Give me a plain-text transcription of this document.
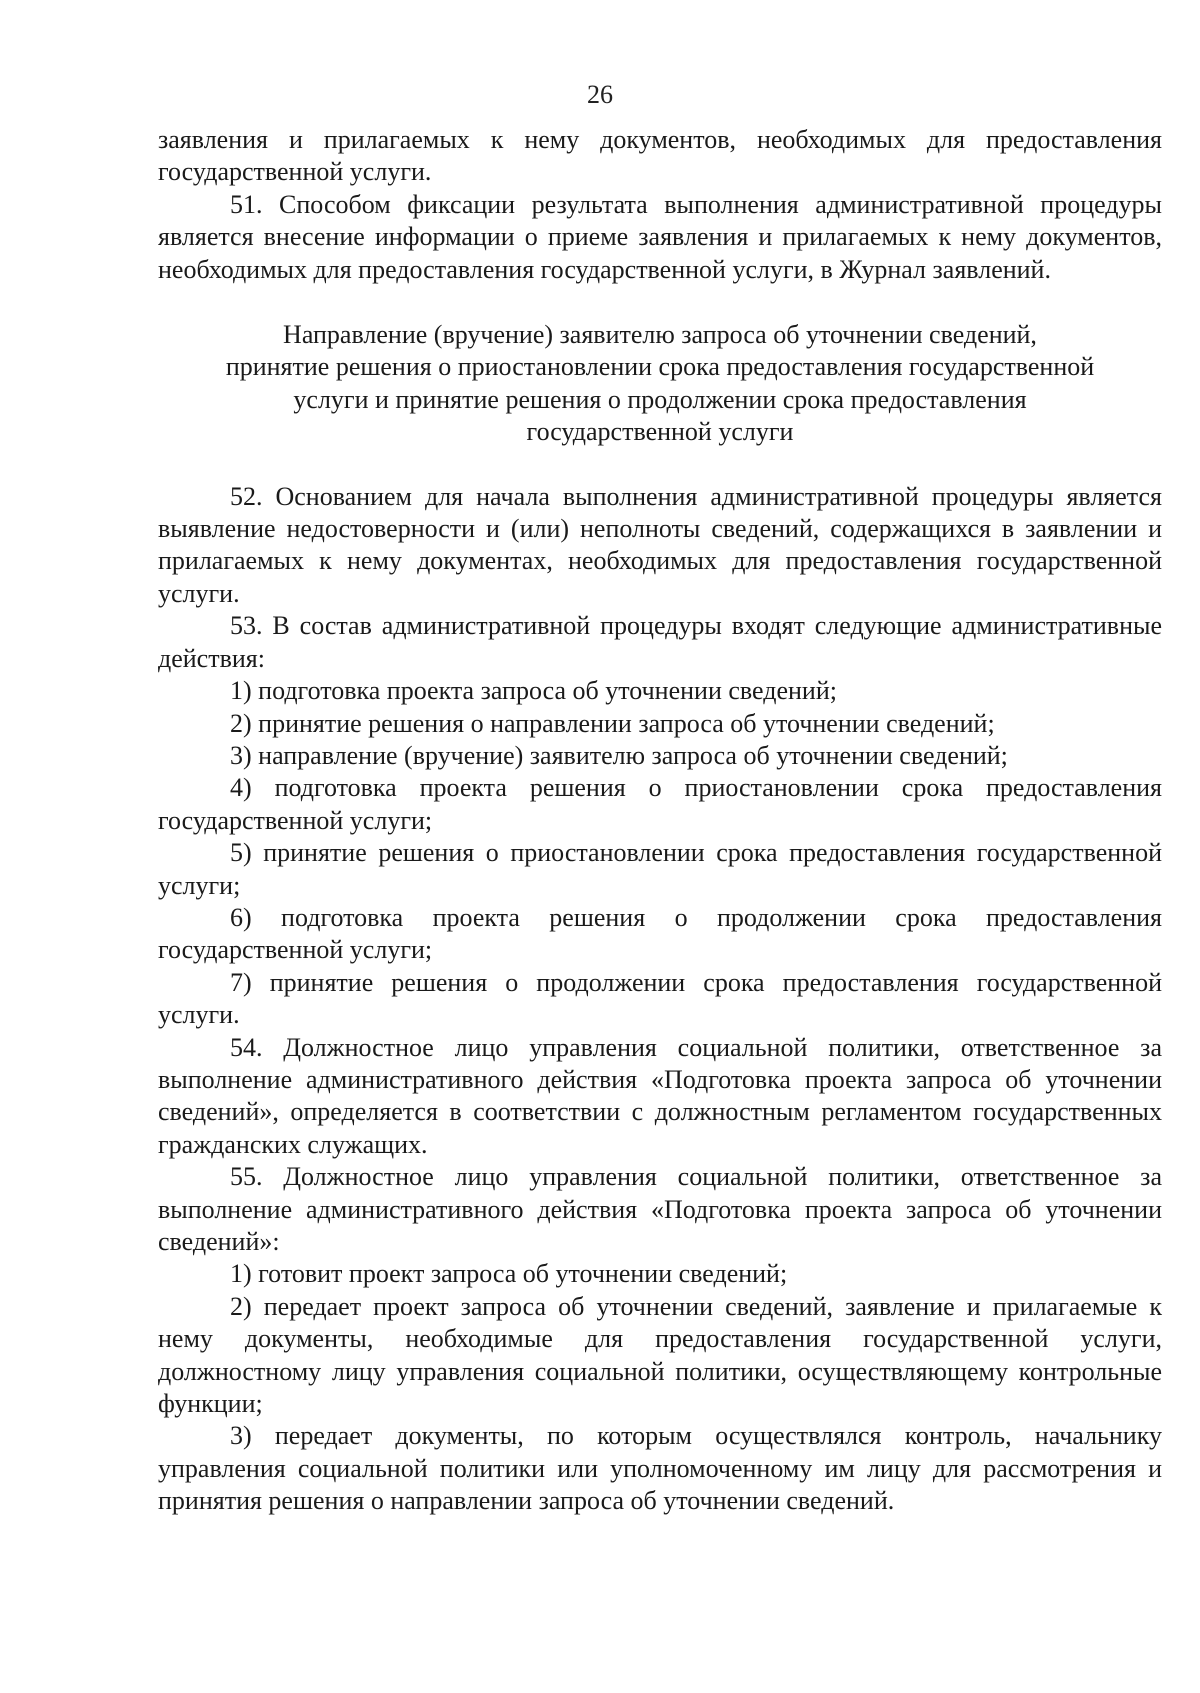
26

заявления и прилагаемых к нему документов, необходимых для предоставления государственной услуги.

51. Способом фиксации результата выполнения административной процедуры является внесение информации о приеме заявления и прилагаемых к нему документов, необходимых для предоставления государственной услуги, в Журнал заявлений.

Направление (вручение) заявителю запроса об уточнении сведений,
принятие решения о приостановлении срока предоставления государственной
услуги и принятие решения о продолжении срока предоставления
государственной услуги

52. Основанием для начала выполнения административной процедуры является выявление недостоверности и (или) неполноты сведений, содержащихся в заявлении и прилагаемых к нему документах, необходимых для предоставления государственной услуги.

53. В состав административной процедуры входят следующие административные действия:

1) подготовка проекта запроса об уточнении сведений;

2) принятие решения о направлении запроса об уточнении сведений;

3) направление (вручение) заявителю запроса об уточнении сведений;

4) подготовка проекта решения о приостановлении срока предоставления государственной услуги;

5) принятие решения о приостановлении срока предоставления государственной услуги;

6) подготовка проекта решения о продолжении срока предоставления государственной услуги;

7) принятие решения о продолжении срока предоставления государственной услуги.

54. Должностное лицо управления социальной политики, ответственное за выполнение административного действия «Подготовка проекта запроса об уточнении сведений», определяется в соответствии с должностным регламентом государственных гражданских служащих.

55. Должностное лицо управления социальной политики, ответственное за выполнение административного действия «Подготовка проекта запроса об уточнении сведений»:

1) готовит проект запроса об уточнении сведений;

2) передает проект запроса об уточнении сведений, заявление и прилагаемые к нему документы, необходимые для предоставления государственной услуги, должностному лицу управления социальной политики, осуществляющему контрольные функции;

3) передает документы, по которым осуществлялся контроль, начальнику управления социальной политики или уполномоченному им лицу для рассмотрения и принятия решения о направлении запроса об уточнении сведений.
